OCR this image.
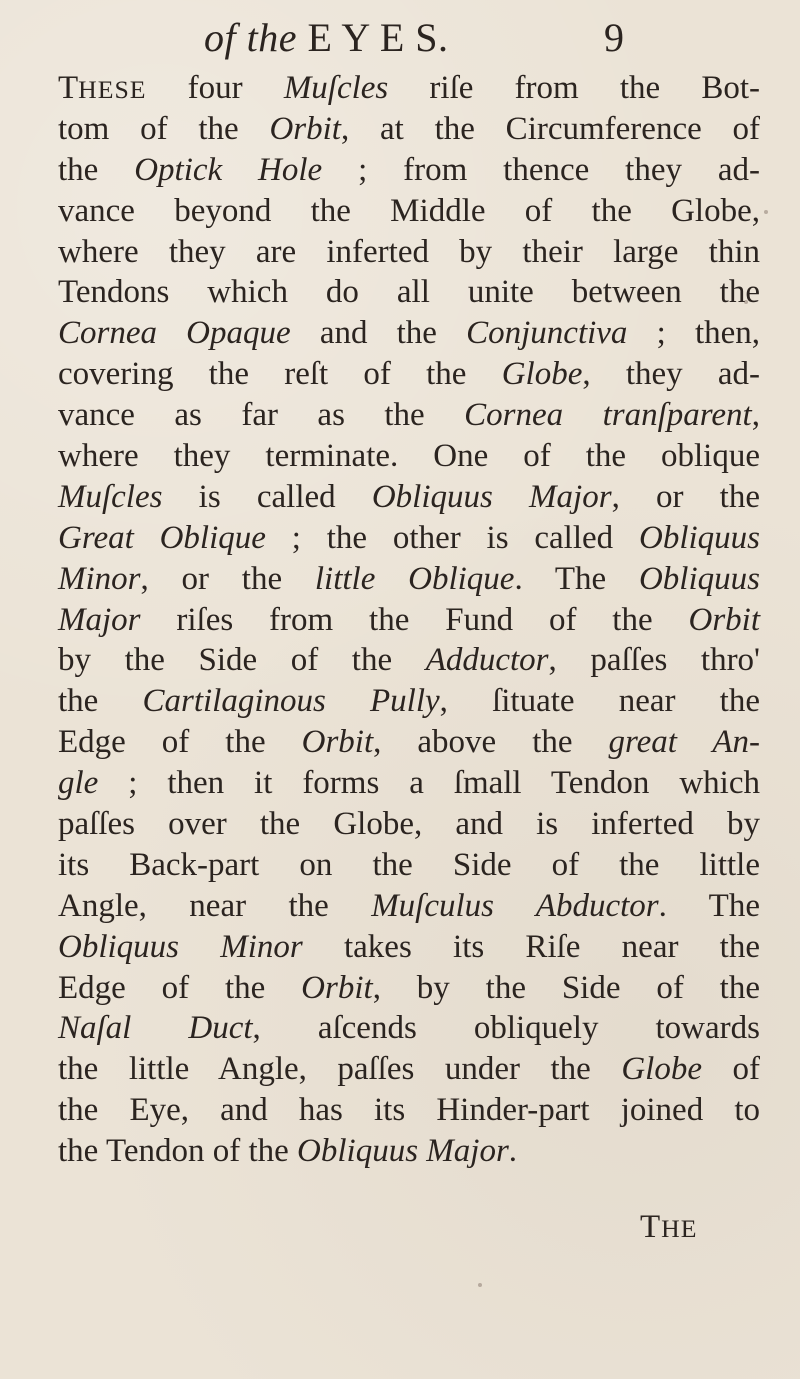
of the E Y E S.	9
THESE four Muſcles riſe from the Bot-
tom of the Orbit, at the Circumference of
the Optick Hole ; from thence they ad-
vance beyond the Middle of the Globe,
where they are inferted by their large thin
Tendons which do all unite between the
Cornea Opaque and the Conjunctiva ; then,
covering the reſt of the Globe, they ad-
vance as far as the Cornea tranſparent,
where they terminate. One of the oblique
Muſcles is called Obliquus Major, or the
Great Oblique ; the other is called Obliquus
Minor, or the little Oblique. The Obliquus
Major riſes from the Fund of the Orbit
by the Side of the Adductor, paſſes thro'
the Cartilaginous Pully, ſituate near the
Edge of the Orbit, above the great An-
gle ; then it forms a ſmall Tendon which
paſſes over the Globe, and is inferted by
its Back-part on the Side of the little
Angle, near the Muſculus Abductor. The
Obliquus Minor takes its Riſe near the
Edge of the Orbit, by the Side of the
Naſal Duct, aſcends obliquely towards
the little Angle, paſſes under the Globe of
the Eye, and has its Hinder-part joined to
the Tendon of the Obliquus Major.
THE
